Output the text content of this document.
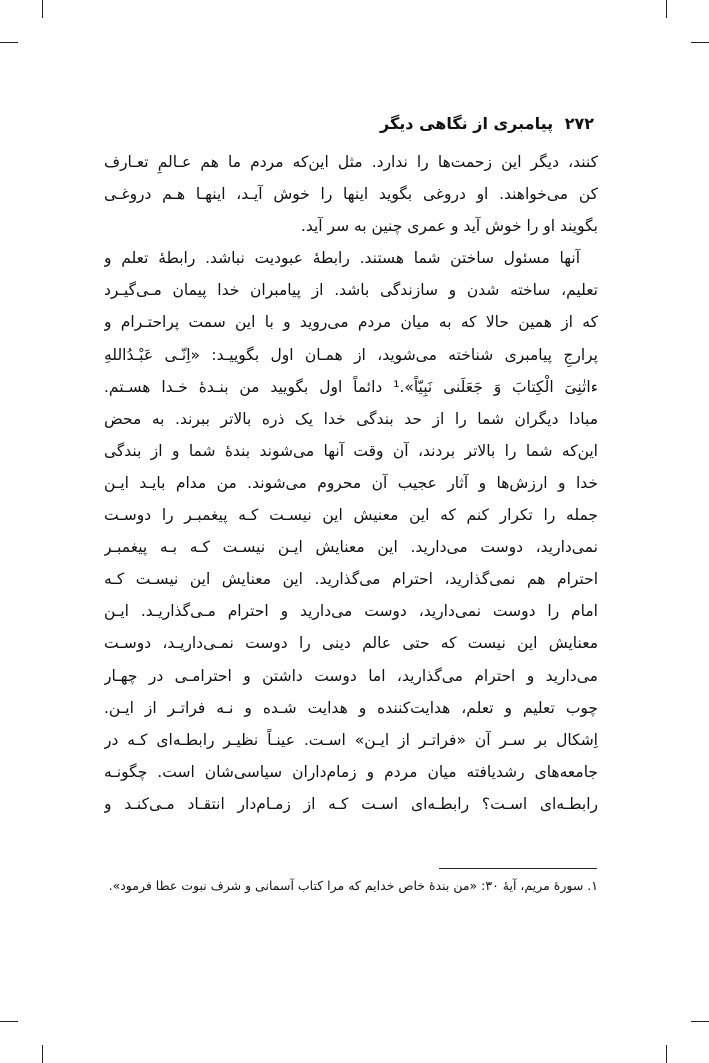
۲۷۲ پیامبری از نگاهی دیگر
کنند، دیگر این زحمت‌ها را ندارد. مثل این‌که مردم ما هم عـالمِ تعـارف
کن می‌خواهند. او دروغی بگوید اینها را خوش آیـد، اینهـا هـم دروغـی
بگویند او را خوش آید و عمری چنین به سر آید.
آنها مسئول ساختن شما هستند. رابطهٔ عبودیت نباشد. رابطهٔ تعلم و
تعلیم، ساخته شدن و سازندگی باشد. از پیامبران خدا پیمان مـی‌گیـرد
که از همین حالا که به میان مردم می‌روید و با این سمت پراحتـرام و
پرارجِ پیامبری شناخته می‌شوید، از همـان اول بگوییـد: «اِنّـی عَبْـدُاللهِ
ءاتٰنِیَ الْکِتابَ وَ جَعَلَنی نَبِیّاً».¹ دائماً اول بگویید من بنـدهٔ خـدا هسـتم.
مبادا دیگران شما را از حد بندگی خدا یک ذره بالاتر ببرند. به محض
این‌که شما را بالاتر بردند، آن وقت آنها می‌شوند بندهٔ شما و از بندگی
خدا و ارزش‌ها و آثار عجیب آن محروم می‌شوند. من مدام بایـد ایـن
جمله را تکرار کنم که این معنیش این نیسـت کـه پیغمبـر را دوسـت
نمی‌دارید، دوست می‌دارید. این معنایش ایـن نیسـت کـه بـه پیغمبـر
احترام هم نمی‌گذارید، احترام می‌گذارید. این معنایش این نیسـت کـه
امام را دوست نمی‌دارید، دوست می‌دارید و احترام مـی‌گذاریـد. ایـن
معنایش این نیست که حتی عالم دینی را دوست نمـی‌داریـد، دوسـت
می‌دارید و احترام می‌گذارید، اما دوست داشتن و احترامـی در چهـار
چوب تعلیم و تعلم، هدایت‌کننده و هدایت شـده و نـه فراتـر از ایـن.
اِشکال بر سـر آن «فراتـر از ایـن» اسـت. عینـاً نظیـر رابطـه‌ای کـه در
جامعه‌های رشدیافته میان مردم و زمام‌داران سیاسی‌شان است. چگونـه
رابطـه‌ای اسـت؟ رابطـه‌ای اسـت کـه از زمـام‌دار انتقـاد مـی‌کنـد و
۱. سورهٔ مریم، آیهٔ ۳۰: «من بندهٔ خاص خدایم که مرا کتاب آسمانی و شرف نبوت عطا فرمود».
